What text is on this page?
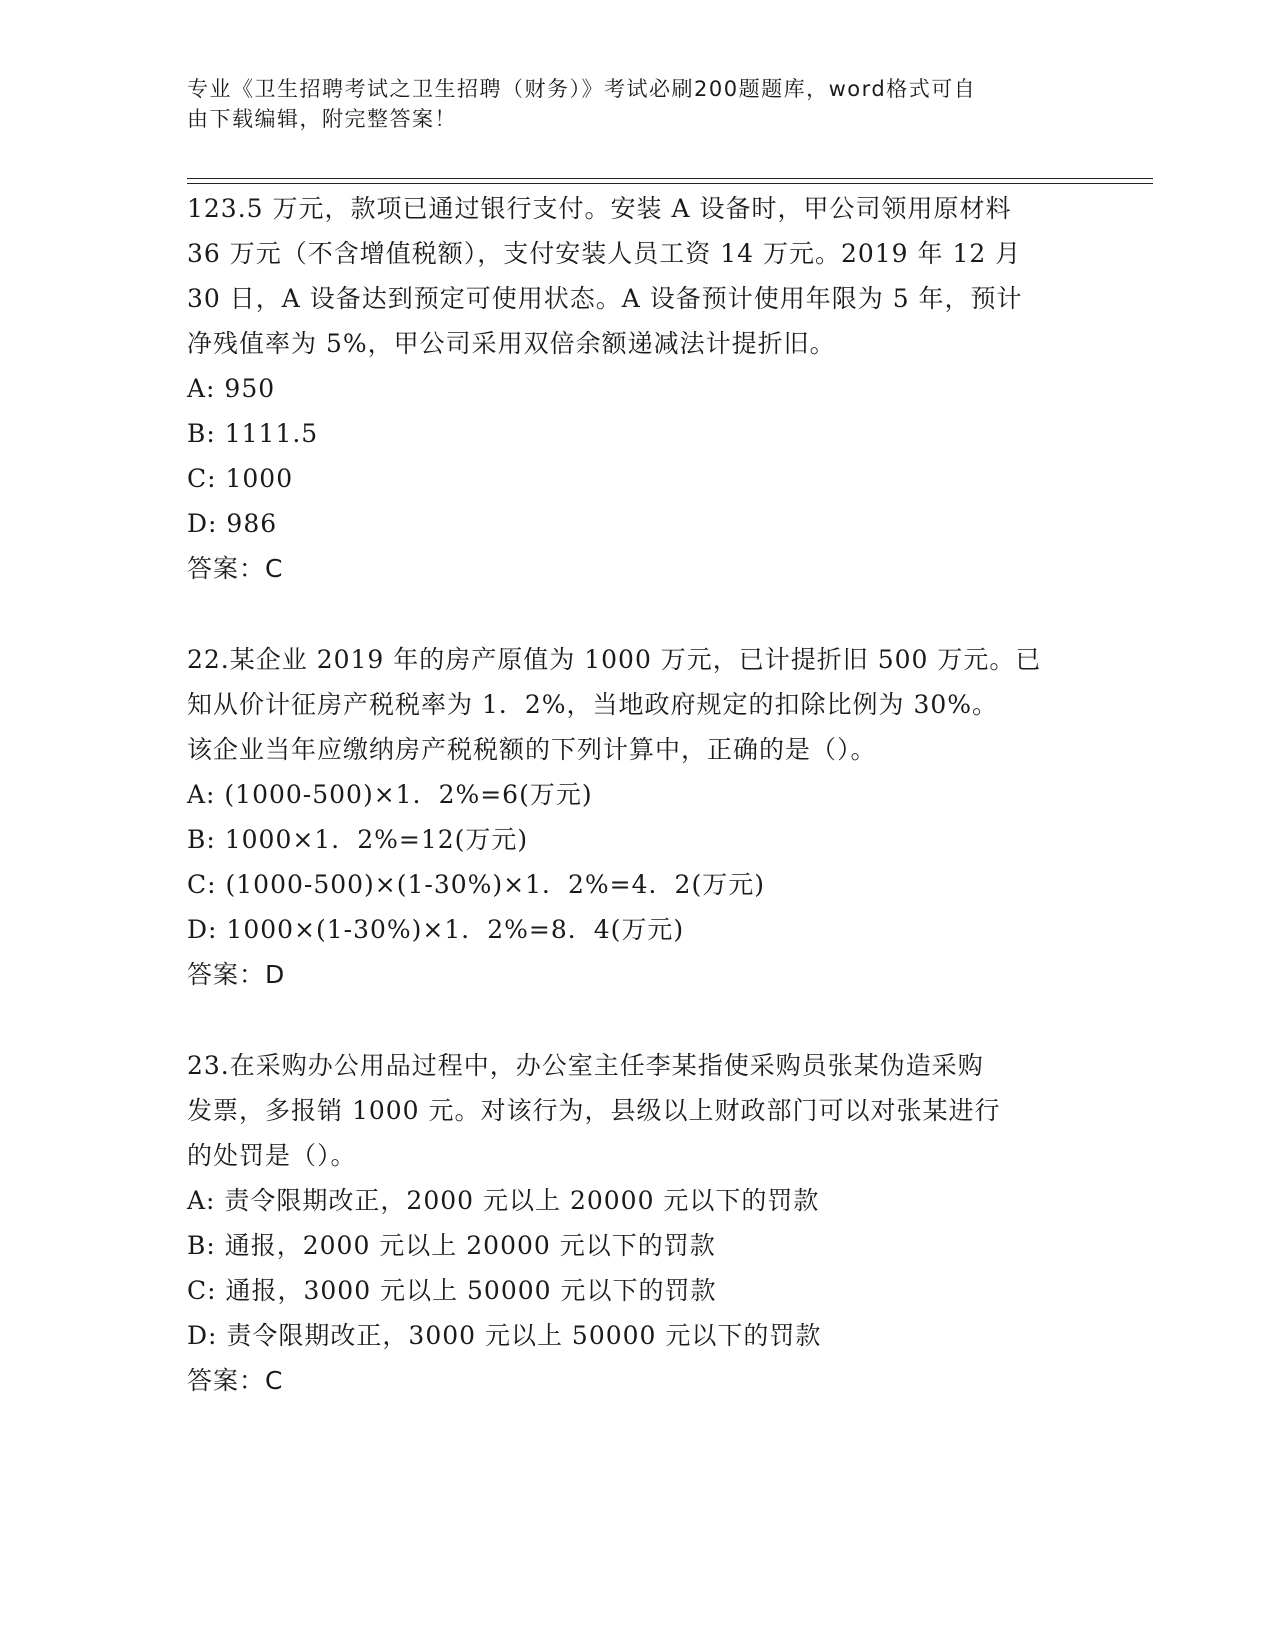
专业《卫生招聘考试之卫生招聘（财务）》考试必刷200题题库，word格式可自
由下载编辑，附完整答案！

123.5 万元，款项已通过银行支付。安装 A 设备时，甲公司领用原材料

36 万元（不含增值税额），支付安装人员工资 14 万元。2019 年 12 月

30 日，A 设备达到预定可使用状态。A 设备预计使用年限为 5 年，预计

净残值率为 5%，甲公司采用双倍余额递减法计提折旧。

A: 950

B: 1111.5

C: 1000

D: 986

答案：C

22.某企业 2019 年的房产原值为 1000 万元，已计提折旧 500 万元。已

知从价计征房产税税率为 1．2%，当地政府规定的扣除比例为 30%。

该企业当年应缴纳房产税税额的下列计算中，正确的是（）。

A: (1000-500)×1．2%=6(万元)

B: 1000×1．2%=12(万元)

C: (1000-500)×(1-30%)×1．2%=4．2(万元)

D: 1000×(1-30%)×1．2%=8．4(万元)

答案：D

23.在采购办公用品过程中，办公室主任李某指使采购员张某伪造采购

发票，多报销 1000 元。对该行为，县级以上财政部门可以对张某进行

的处罚是（）。

A: 责令限期改正，2000 元以上 20000 元以下的罚款

B: 通报，2000 元以上 20000 元以下的罚款

C: 通报，3000 元以上 50000 元以下的罚款

D: 责令限期改正，3000 元以上 50000 元以下的罚款

答案：C
